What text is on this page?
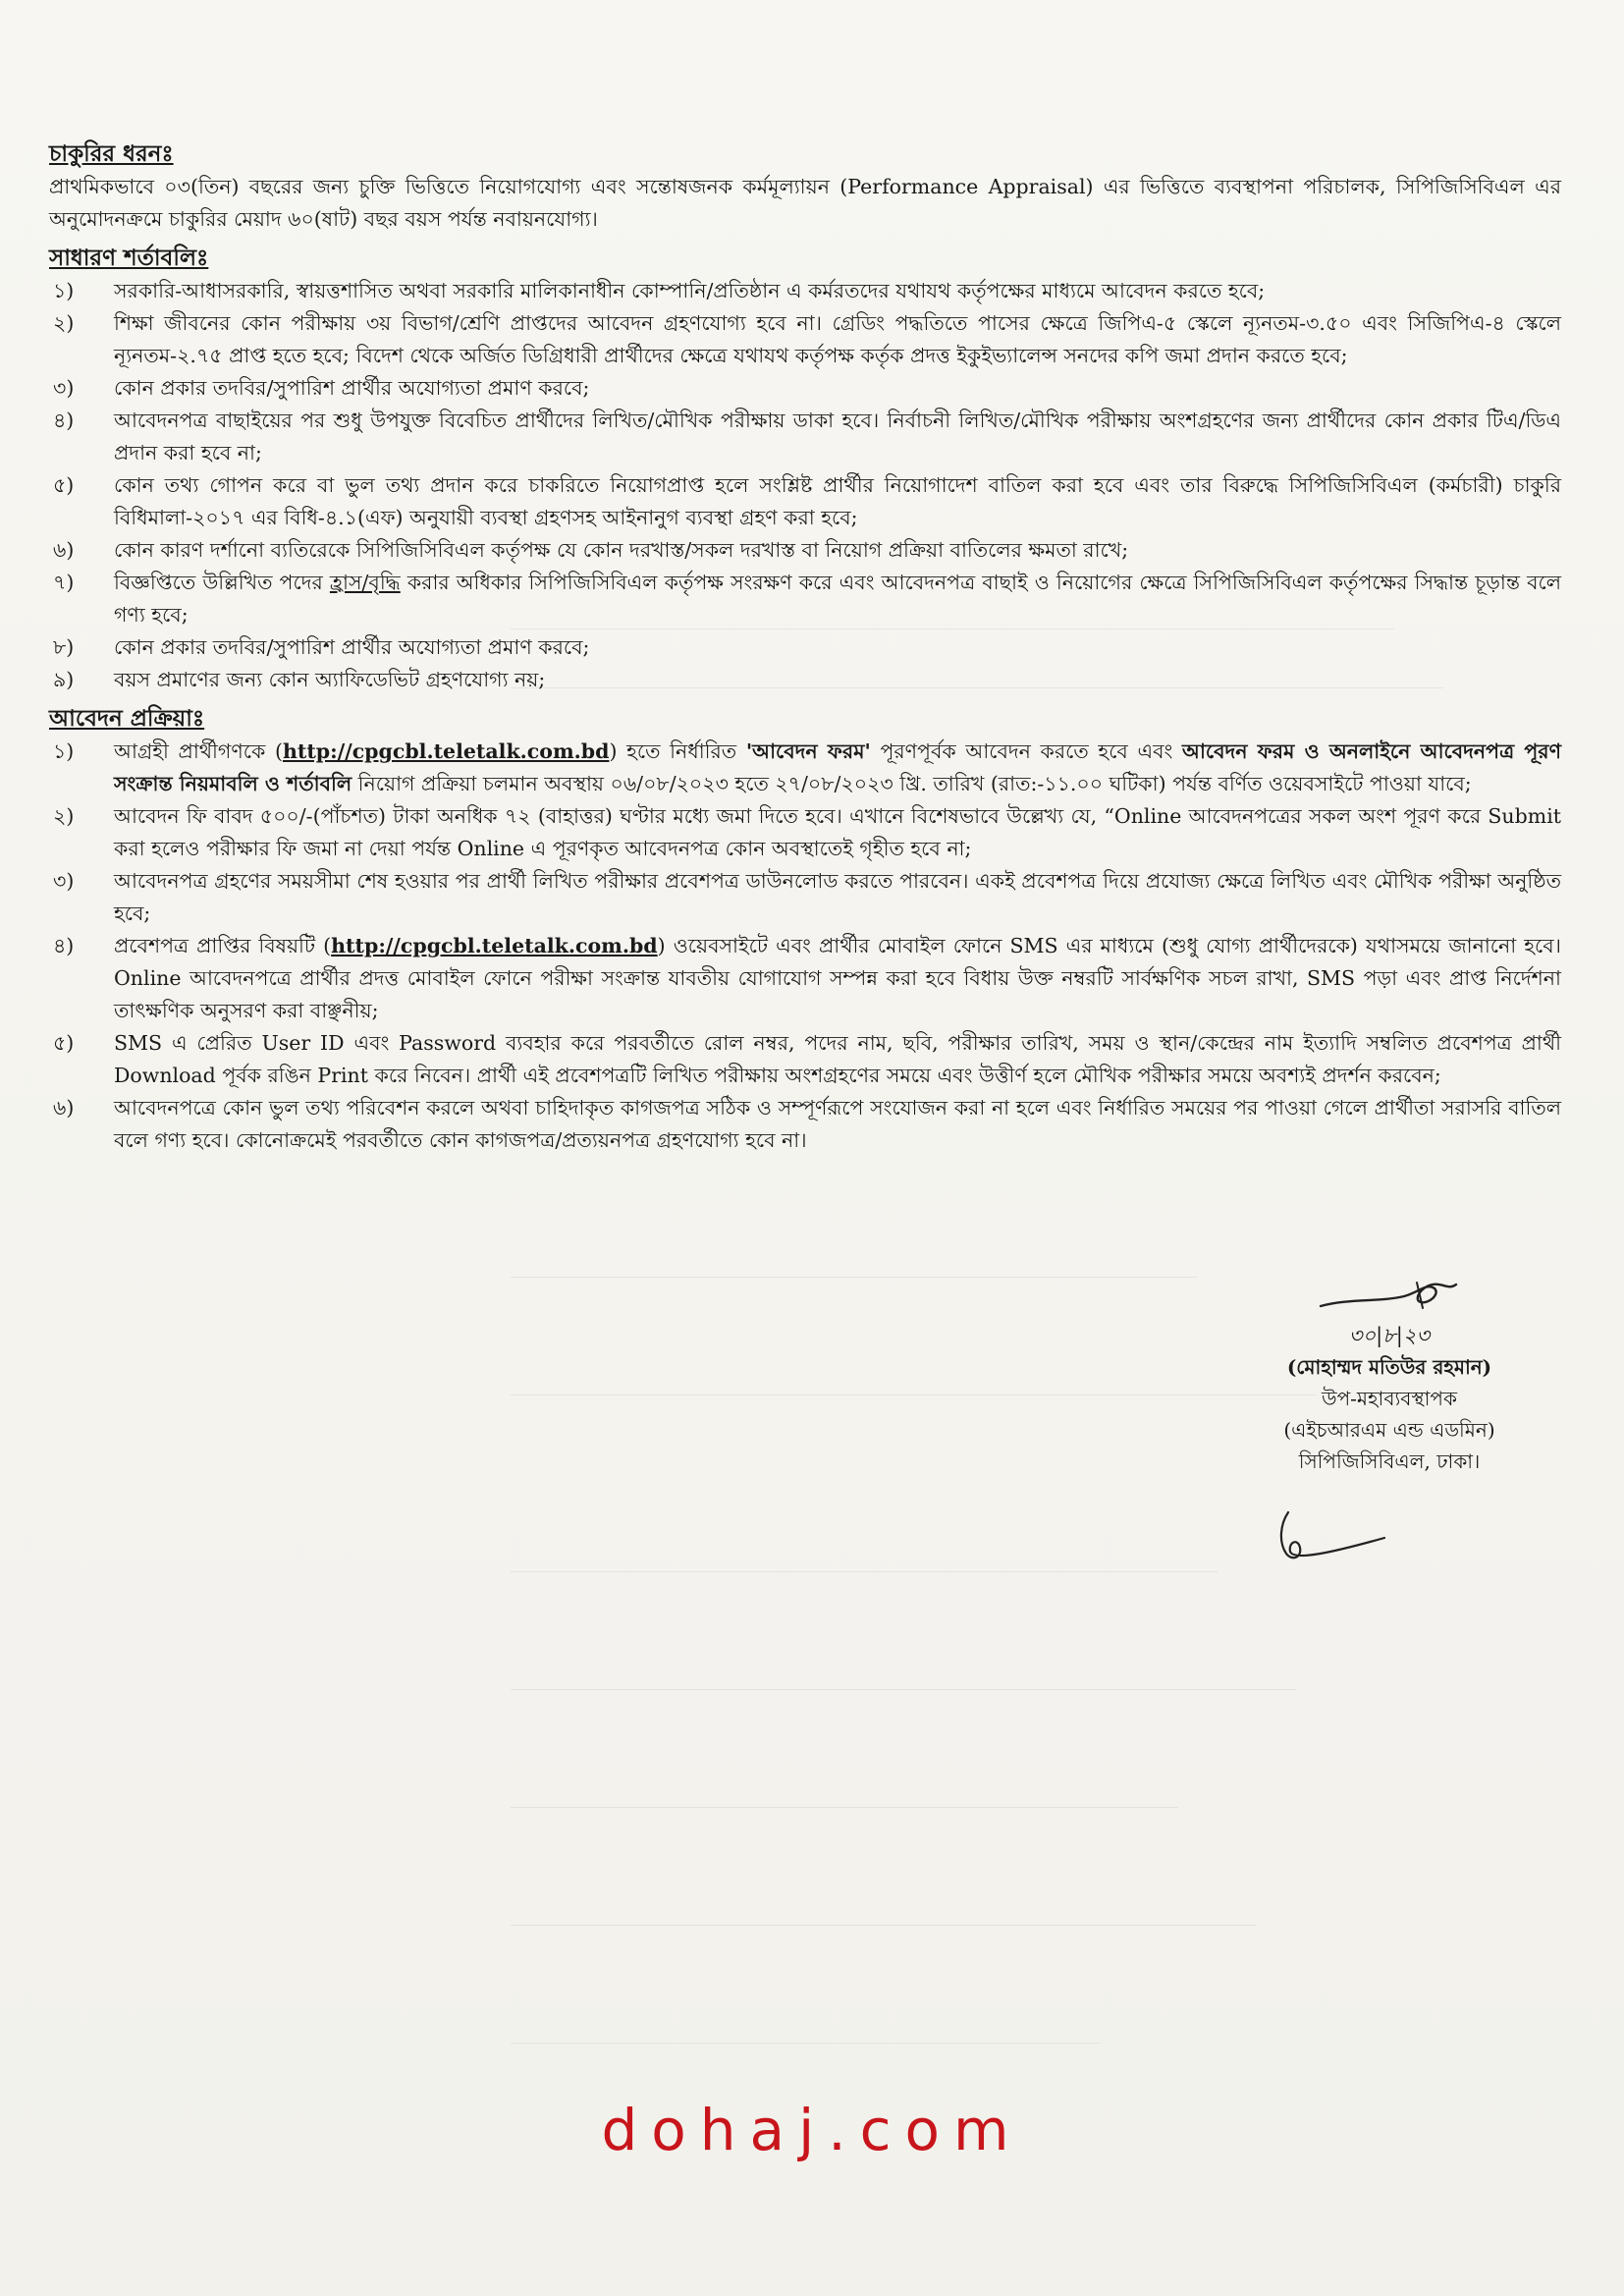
চাকুরির ধরনঃ

প্রাথমিকভাবে ০৩(তিন) বছরের জন্য চুক্তি ভিত্তিতে নিয়োগযোগ্য এবং সন্তোষজনক কর্মমূল্যায়ন (Performance Appraisal) এর ভিত্তিতে ব্যবস্থাপনা পরিচালক, সিপিজিসিবিএল এর অনুমোদনক্রমে চাকুরির মেয়াদ ৬০(ষাট) বছর বয়স পর্যন্ত নবায়নযোগ্য।

সাধারণ শর্তাবলিঃ
১)	সরকারি-আধাসরকারি, স্বায়ত্তশাসিত অথবা সরকারি মালিকানাধীন কোম্পানি/প্রতিষ্ঠান এ কর্মরতদের যথাযথ কর্তৃপক্ষের মাধ্যমে আবেদন করতে হবে;
২)	শিক্ষা জীবনের কোন পরীক্ষায় ৩য় বিভাগ/শ্রেণি প্রাপ্তদের আবেদন গ্রহণযোগ্য হবে না। গ্রেডিং পদ্ধতিতে পাসের ক্ষেত্রে জিপিএ-৫ স্কেলে ন্যূনতম-৩.৫০ এবং সিজিপিএ-৪ স্কেলে ন্যূনতম-২.৭৫ প্রাপ্ত হতে হবে; বিদেশ থেকে অর্জিত ডিগ্রিধারী প্রার্থীদের ক্ষেত্রে যথাযথ কর্তৃপক্ষ কর্তৃক প্রদত্ত ইকুইভ্যালেন্স সনদের কপি জমা প্রদান করতে হবে;
৩)	কোন প্রকার তদবির/সুপারিশ প্রার্থীর অযোগ্যতা প্রমাণ করবে;
৪)	আবেদনপত্র বাছাইয়ের পর শুধু উপযুক্ত বিবেচিত প্রার্থীদের লিখিত/মৌখিক পরীক্ষায় ডাকা হবে। নির্বাচনী লিখিত/মৌখিক পরীক্ষায় অংশগ্রহণের জন্য প্রার্থীদের কোন প্রকার টিএ/ডিএ প্রদান করা হবে না;
৫)	কোন তথ্য গোপন করে বা ভুল তথ্য প্রদান করে চাকরিতে নিয়োগপ্রাপ্ত হলে সংশ্লিষ্ট প্রার্থীর নিয়োগাদেশ বাতিল করা হবে এবং তার বিরুদ্ধে সিপিজিসিবিএল (কর্মচারী) চাকুরি বিধিমালা-২০১৭ এর বিধি-৪.১(এফ) অনুযায়ী ব্যবস্থা গ্রহণসহ আইনানুগ ব্যবস্থা গ্রহণ করা হবে;
৬)	কোন কারণ দর্শানো ব্যতিরেকে সিপিজিসিবিএল কর্তৃপক্ষ যে কোন দরখাস্ত/সকল দরখাস্ত বা নিয়োগ প্রক্রিয়া বাতিলের ক্ষমতা রাখে;
৭)	বিজ্ঞপ্তিতে উল্লিখিত পদের হ্রাস/বৃদ্ধি করার অধিকার সিপিজিসিবিএল কর্তৃপক্ষ সংরক্ষণ করে এবং আবেদনপত্র বাছাই ও নিয়োগের ক্ষেত্রে সিপিজিসিবিএল কর্তৃপক্ষের সিদ্ধান্ত চূড়ান্ত বলে গণ্য হবে;
৮)	কোন প্রকার তদবির/সুপারিশ প্রার্থীর অযোগ্যতা প্রমাণ করবে;
৯)	বয়স প্রমাণের জন্য কোন অ্যাফিডেভিট গ্রহণযোগ্য নয়;
আবেদন প্রক্রিয়াঃ
১)	আগ্রহী প্রার্থীগণকে (http://cpgcbl.teletalk.com.bd) হতে নির্ধারিত 'আবেদন ফরম' পূরণপূর্বক আবেদন করতে হবে এবং আবেদন ফরম ও অনলাইনে আবেদনপত্র পূরণ সংক্রান্ত নিয়মাবলি ও শর্তাবলি নিয়োগ প্রক্রিয়া চলমান অবস্থায় ০৬/০৮/২০২৩ হতে ২৭/০৮/২০২৩ খ্রি. তারিখ (রাত:-১১.০০ ঘটিকা) পর্যন্ত বর্ণিত ওয়েবসাইটে পাওয়া যাবে;
২)	আবেদন ফি বাবদ ৫০০/-(পাঁচশত) টাকা অনধিক ৭২ (বাহাত্তর) ঘণ্টার মধ্যে জমা দিতে হবে। এখানে বিশেষভাবে উল্লেখ্য যে, “Online আবেদনপত্রের সকল অংশ পূরণ করে Submit করা হলেও পরীক্ষার ফি জমা না দেয়া পর্যন্ত Online এ পূরণকৃত আবেদনপত্র কোন অবস্থাতেই গৃহীত হবে না;
৩)	আবেদনপত্র গ্রহণের সময়সীমা শেষ হওয়ার পর প্রার্থী লিখিত পরীক্ষার প্রবেশপত্র ডাউনলোড করতে পারবেন। একই প্রবেশপত্র দিয়ে প্রযোজ্য ক্ষেত্রে লিখিত এবং মৌখিক পরীক্ষা অনুষ্ঠিত হবে;
৪)	প্রবেশপত্র প্রাপ্তির বিষয়টি (http://cpgcbl.teletalk.com.bd) ওয়েবসাইটে এবং প্রার্থীর মোবাইল ফোনে SMS এর মাধ্যমে (শুধু যোগ্য প্রার্থীদেরকে) যথাসময়ে জানানো হবে। Online আবেদনপত্রে প্রার্থীর প্রদত্ত মোবাইল ফোনে পরীক্ষা সংক্রান্ত যাবতীয় যোগাযোগ সম্পন্ন করা হবে বিধায় উক্ত নম্বরটি সার্বক্ষণিক সচল রাখা, SMS পড়া এবং প্রাপ্ত নির্দেশনা তাৎক্ষণিক অনুসরণ করা বাঞ্ছনীয়;
৫)	SMS এ প্রেরিত User ID এবং Password ব্যবহার করে পরবর্তীতে রোল নম্বর, পদের নাম, ছবি, পরীক্ষার তারিখ, সময় ও স্থান/কেন্দ্রের নাম ইত্যাদি সম্বলিত প্রবেশপত্র প্রার্থী Download পূর্বক রঙিন Print করে নিবেন। প্রার্থী এই প্রবেশপত্রটি লিখিত পরীক্ষায় অংশগ্রহণের সময়ে এবং উত্তীর্ণ হলে মৌখিক পরীক্ষার সময়ে অবশ্যই প্রদর্শন করবেন;
৬)	আবেদনপত্রে কোন ভুল তথ্য পরিবেশন করলে অথবা চাহিদাকৃত কাগজপত্র সঠিক ও সম্পূর্ণরূপে সংযোজন করা না হলে এবং নির্ধারিত সময়ের পর পাওয়া গেলে প্রার্থীতা সরাসরি বাতিল বলে গণ্য হবে। কোনোক্রমেই পরবর্তীতে কোন কাগজপত্র/প্রত্যয়নপত্র গ্রহণযোগ্য হবে না।
৩০|৮|২৩
(মোহাম্মদ মতিউর রহমান)
উপ-মহাব্যবস্থাপক
(এইচআরএম এন্ড এডমিন)
সিপিজিসিবিএল, ঢাকা।
dohaj.com
